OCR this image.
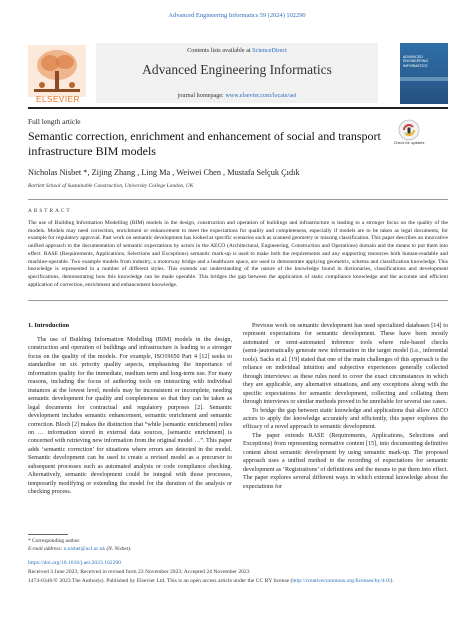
Advanced Engineering Informatics 59 (2024) 102290
Contents lists available at ScienceDirect
Advanced Engineering Informatics
journal homepage: www.elsevier.com/locate/aei
ELSEVIER
ADVANCED ENGINEERING INFORMATICS
Full length article
Check for updates
Semantic correction, enrichment and enhancement of social and transport infrastructure BIM models
Nicholas Nisbet *, Zijing Zhang , Ling Ma , Weiwei Chen , Mustafa Selçuk Çıdık
Bartlett School of Sustainable Construction, University College London, UK
ABSTRACT
The use of Building Information Modelling (BIM) models in the design, construction and operation of buildings and infrastructure is leading to a stronger focus on the quality of the models. Models may need correction, enrichment or enhancement to meet the expectations for quality and completeness, especially if models are to be taken as legal documents, for example for regulatory approval. Past work on semantic development has looked at specific scenarios such as scanned geometry or missing classification. This paper describes an innovative unified approach to the documentation of semantic expectations by actors in the AECO (Architectural, Engineering, Construction and Operations) domain and the means to put them into effect. RASE (Requirements, Applications, Selections and Exceptions) semantic mark-up is used to make both the requirements and any supporting resources both human-readable and machine-operable. Two example models from industry, a motorway bridge and a healthcare space, are used to demonstrate applying geometric, schema and classification knowledge. This knowledge is represented in a number of different styles. This extends our understanding of the nature of the knowledge found in dictionaries, classifications and development specifications, demonstrating how this knowledge can be made operable. This bridges the gap between the application of static compliance knowledge and the accurate and efficient application of correction, enrichment and enhancement knowledge.
1. Introduction

The use of Building Information Modelling (BIM) models in the design, construction and operation of buildings and infrastructure is leading to a stronger focus on the quality of the models. For example, ISO19650 Part 4 [12] seeks to standardise on six priority quality aspects, emphasising the importance of information quality for the immediate, medium term and long-term use. For many reasons, including the focus of authoring tools on interacting with individual instances at the lowest level, models may be inconsistent or incomplete, needing semantic development for quality and completeness so that they can be taken as legal documents for contractual and regulatory purposes [2]. Semantic development includes semantic enhancement, semantic enrichment and semantic correction. Bloch [2] makes the distinction that “while [semantic enrichment] relies on … information stored in external data sources, [semantic enrichment] is concerned with retrieving new information from the original model …”. This paper adds ‘semantic correction’ for situations where errors are detected in the model. Semantic development can be used to create a revised model as a precursor to subsequent processes such as automated analysis or code compliance checking. Alternatively, semantic development could be integral with those processes, temporarily modifying or extending the model for the duration of the analysis or checking process.

Previous work on semantic development has used specialized databases [14] to represent expectations for semantic development. These have been mostly automated or semi-automated inference tools where rule-based checks (semi-)automatically generate new information in the target model (i.e., inferential tools). Sacks et al. [19] stated that one of the main challenges of this approach is the reliance on individual intuition and subjective experiences generally collected through interviews: as these rules need to cover the exact circumstances in which they are applicable, any alternative situations, and any exceptions along with the specific expectations for semantic development, collecting and collating them through interviews or similar methods proved to be unreliable for several use cases.

To bridge the gap between static knowledge and applications that allow AECO actors to apply the knowledge accurately and efficiently, this paper explores the efficacy of a novel approach to semantic development.

The paper extends RASE (Requirements, Applications, Selections and Exceptions) from representing normative content [15], into documenting definitive content about semantic development by using semantic mark-up. The proposed approach uses a unified method to the recording of expectations for semantic development as ‘Registrations’ of definitions and the means to put them into effect. The paper explores several different ways in which external knowledge about the expectations for

* Corresponding author.
E-mail address: n.nisbet@ucl.ac.uk (N. Nisbet).
https://doi.org/10.1016/j.aei.2023.102290
Received 3 June 2023; Received in revised form 23 November 2023; Accepted 24 November 2023
1474-0346/© 2023 The Author(s). Published by Elsevier Ltd. This is an open access article under the CC BY license (http://creativecommons.org/licenses/by/4.0/).
